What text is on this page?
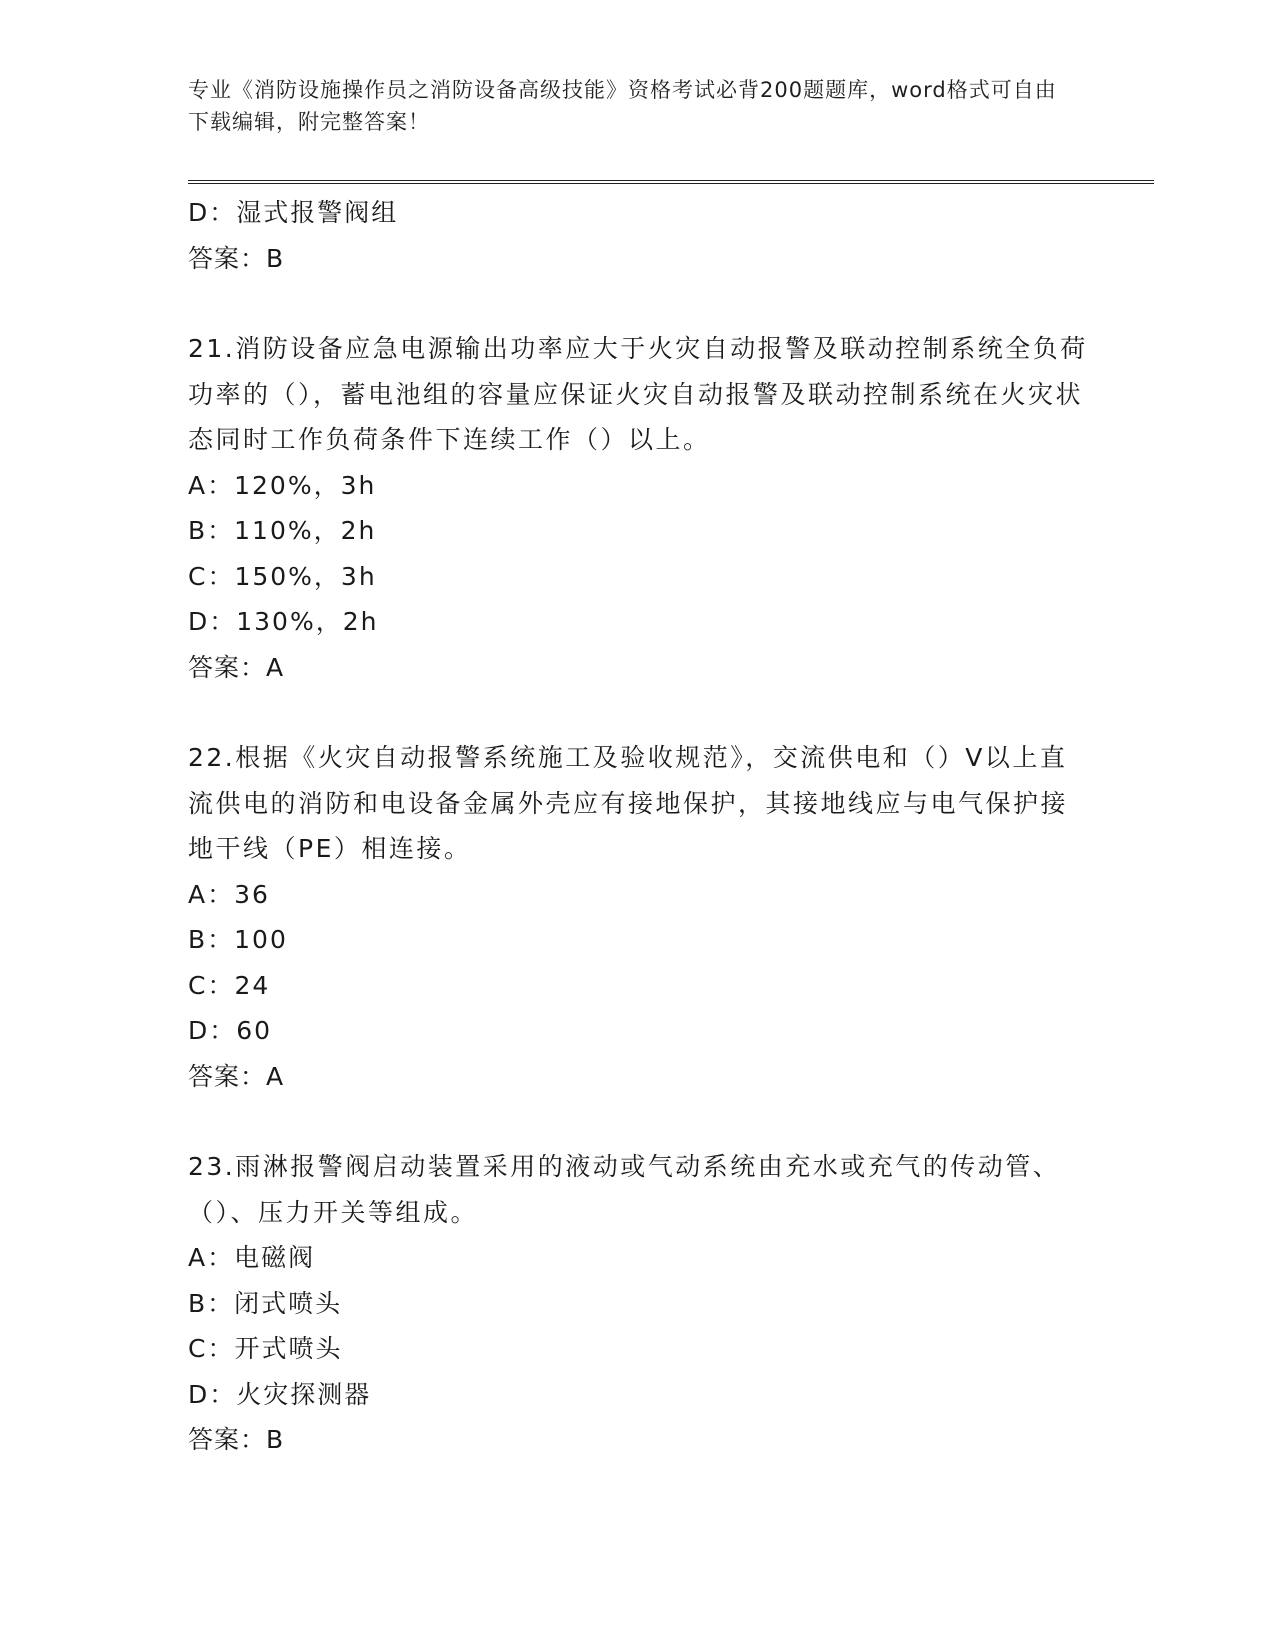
专业《消防设施操作员之消防设备高级技能》资格考试必背200题题库，word格式可自由下载编辑，附完整答案！
D：湿式报警阀组
答案：B
21.消防设备应急电源输出功率应大于火灾自动报警及联动控制系统全负荷功率的（），蓄电池组的容量应保证火灾自动报警及联动控制系统在火灾状态同时工作负荷条件下连续工作（）以上。
A：120%，3h
B：110%，2h
C：150%，3h
D：130%，2h
答案：A
22.根据《火灾自动报警系统施工及验收规范》，交流供电和（）V以上直流供电的消防和电设备金属外壳应有接地保护，其接地线应与电气保护接地干线（PE）相连接。
A：36
B：100
C：24
D：60
答案：A
23.雨淋报警阀启动装置采用的液动或气动系统由充水或充气的传动管、（）、压力开关等组成。
A：电磁阀
B：闭式喷头
C：开式喷头
D：火灾探测器
答案：B
